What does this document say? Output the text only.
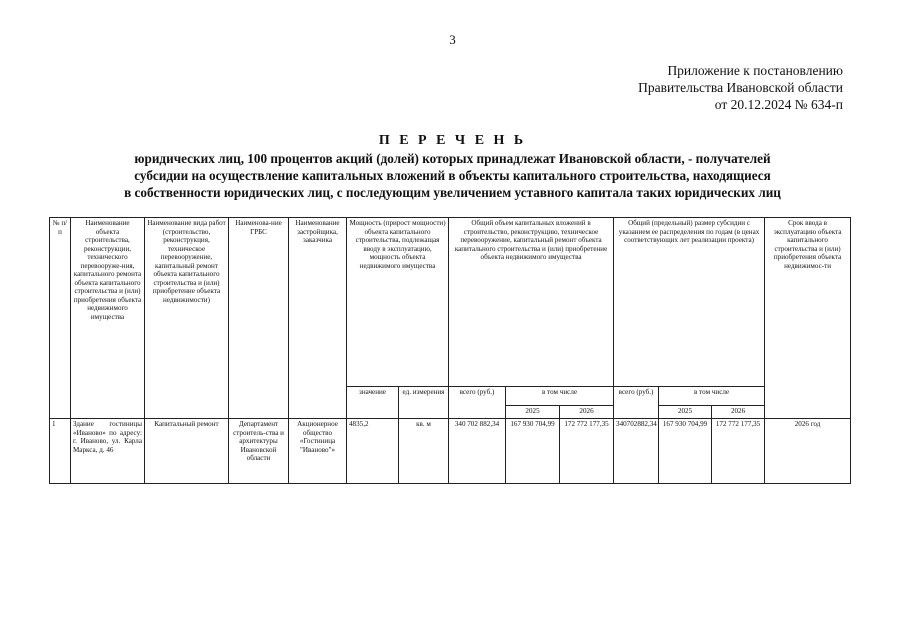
3
Приложение к постановлению
Правительства Ивановской области
от 20.12.2024 № 634-п
П Е Р Е Ч Е Н Ь
юридических лиц, 100 процентов акций (долей) которых принадлежат Ивановской области, - получателей
субсидии на осуществление капитальных вложений в объекты капитального строительства, находящиеся
в собственности юридических лиц, с последующим увеличением уставного капитала таких юридических лиц
№ п/п	Наименование объекта строительства, реконструкции, технического перевооруже-ния, капитального ремонта объекта капитального строительства и (или) приобретения объекта недвижимого имущества	Наименование вида работ (строительство, реконструкция, техническое перевооружение, капитальный ремонт объекта капитального строительства и (или) приобретение объекта недвижимости)	Наименова-ние ГРБС	Наименование застройщика, заказчика	Мощность (прирост мощности) объекта капитального строительства, подлежащая вводу в эксплуатацию, мощность объекта недвижимого имущества		Общий объем капитальных вложений в строительство, реконструкцию, техническое перевооружение, капитальный ремонт объекта капитального строительства и (или) приобретение объекта недвижимого имущества			Общий (предельный) размер субсидии с указанием ее распределения по годам (в ценах соответствующих лет реализации проекта)			Срок ввода в эксплуатацию объекта капитального строительства и (или) приобретения объекта недвижимос-ти
					значение	ед. измерения	всего (руб.)	в том числе		всего (руб.)	в том числе		
								2025	2026		2025	2026	
1	Здание гостиницы «Иваново» по адресу: г. Иваново, ул. Карла Маркса, д. 46	Капитальный ремонт	Департамент строитель-ства и архитектуры Ивановской области	Акционерное общество «Гостиница "Иваново"»	4835,2	кв. м	340 702 882,34	167 930 704,99	172 772 177,35	340702882,34	167 930 704,99	172 772 177,35	2026 год
